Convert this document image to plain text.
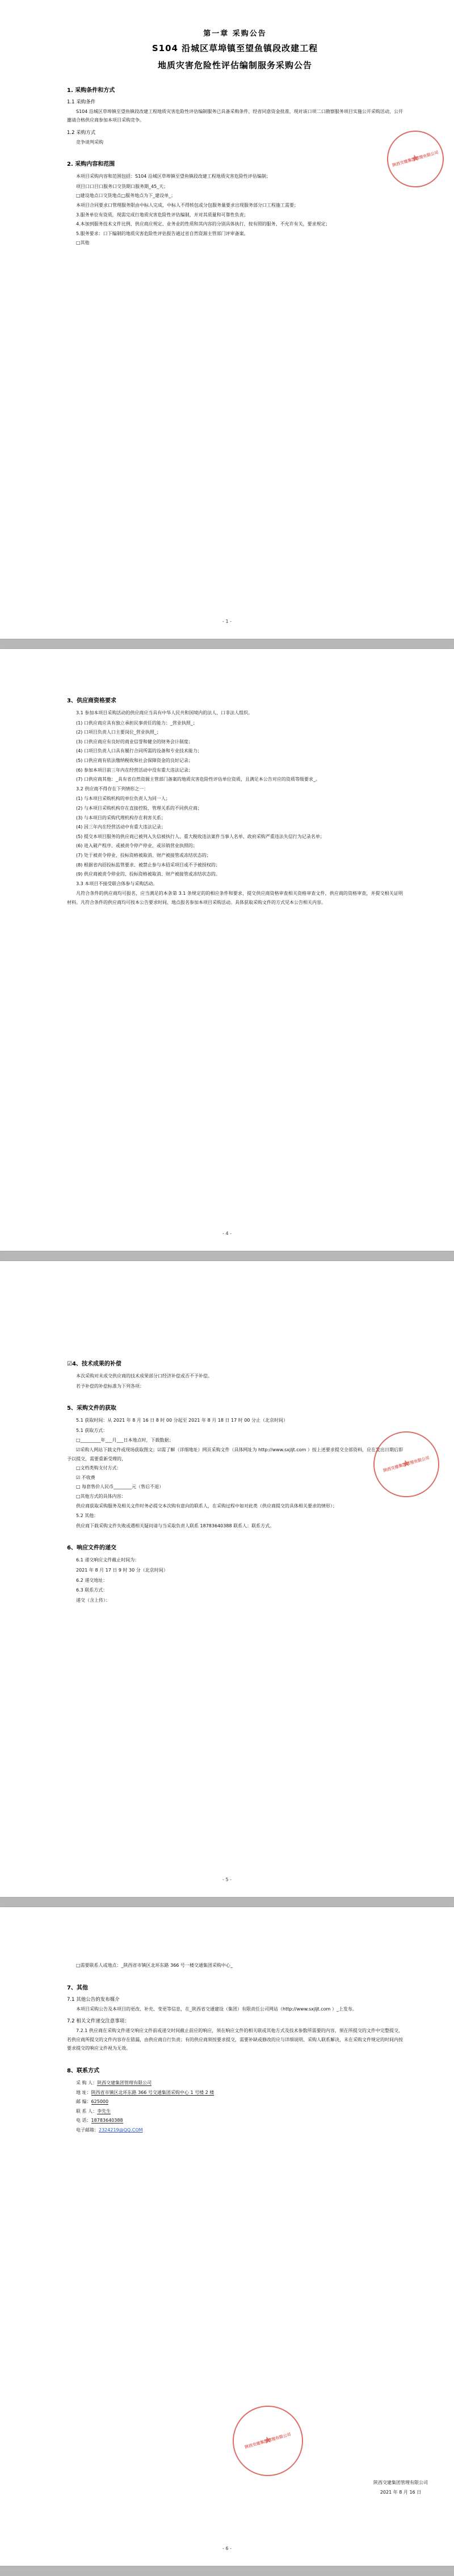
第一章 采购公告
S104 沿城区草埠镇至望鱼镇段改建工程
地质灾害危险性评估编制服务采购公告
1. 采购条件和方式
1.1 采购条件

S104 沿城区草埠镇至望鱼镇段改建工程地质灾害危险性评估编制服务已具备采购条件，经省同意资金批准，现对该口项二口勘察服务项目实施公开采购活动，公开邀请合格供应商参加本项目采购竞争。

1.2 采购方式

竞争谈判采购

2. 采购内容和范围

本项目采购内容和范围包括：S104 沿城区草埠镇至望鱼镇段改建工程地质灾害危险性评估编制；

项目口口目口服务口交货期口服务期_45_天；

□建设地点口交货地点□服务地点为下_建设单_；

本项目合同要求口管理服务限由中标人完成，中标人不得转包或分包服务量要求出现服务部分口工程施工需要；

3.服务单位有资质，现需完成行地质灾害危险性评估编制，并对其质量和可靠性负责；

4.本加到服务技术文件比例、供应商应规定、业务业的性质和其内容的分别具体执行，按有照的服务、不允许有关，要求规定；

5.服务要求：口下编制的地质灾害危险性评估报告通过省自然资源主管部门评审备案。

□其他

陕西交建集团管理有限公司
★
- 1 -
3、供应商资格要求

3.1 参加本项目采购活动的供应商应当具有中华人民共和国境内的法人、口非法人组织。

(1) 口供应商应具有独立承担民事责任的能力：_营业执照_；

(2) 口项目负责人口主要岗位_营业执照_；

(3) 口供应商应有良好的商业信誉和健全的财务会计制度；

(4) 口项目负责人口具有履行合同所需的设备和专业技术能力；

(5) 口供应商有依法缴纳税收和社会保障资金的良好记录；

(6) 参加本项目前三年内在经营活动中没有重大违法记录；

(7) 口供应商其他：_具有省自然资源主管部门备案的地质灾害危险性评估单位资质，且满足本公告对应的资质等级要求_。

3.2 供应商不得存在下列情形之一：

(1) 与本项目采购机构的单位负责人为同一人；

(2) 与本项目采购机构存在直接控股、管理关系的不同供应商；

(3) 与本项目的采购代理机构存在利害关系；

(4) 因三年内在经营活动中有重大违法记录；

(5) 提交本项目服务的供应商已被列入失信被执行人、重大税收违法案件当事人名单、政府采购严重违法失信行为记录名单；

(6) 进入破产程序、或被责令停产停业、或吊销营业执照的；

(7) 处于被责令停业、投标资格被取消、财产被接管或冻结状态的；

(8) 根据省内招投标监管要求、被禁止参与本招采项目或不予被授权的；

(9) 供应商被责令停业的、投标资格被取消、财产被接管或冻结状态的。

3.3 本项目不接受联合体参与采购活动。

凡符合条件的供应商均可报名，应当满足的本条第 3.1 条规定的的相应条件和要求，提交供应商资格审查相关资格审查文件，供应商的资格审查，并提交相关证明材料。凡符合条件的供应商均可按本公告要求时间、地点报名参加本项目采购活动。具体获取采购文件的方式见本公告相关内容。

- 4 -
☑4、技术成果的补偿

本次采购对未成交供应商的技术成果部分口经济补偿或否不予补偿。

若予补偿的补偿标准为下列各项：

5、采购文件的获取

5.1 获取时间：从 2021 年 8 月 16 日 8 时 00 分起至 2021 年 8 月 18 日 17 时 00 分止（北京时间）

5.1 获取方式：

□_________年___月___日本地点时，下载数据；

☑采购人网站下载文件或现场获取图文；☑需了解（详细地址）网页采购文件（具体网址为 http://www.sxjljt.com ）按上述要求提交全部资料，应在发出日期后即予以提交，需要重新受理的，

□文档类购支付方式：

☑ 不收费

□ 每套售价人民币________元（售后不退）

□其他方式的具体内容：

供应商获取采购服务及相关文件时务必提交本次购有意向的联系人，在采购过程中如对此类（供应商提交的具体相关要求的情形）；

5.2 其他：

供应商下载采购文件失败或遇相关疑问请与当采取负责人联系 18783640388 联系人：联系方式。

6、响应文件的递交

6.1 递交响应文件截止时间为：

2021 年 8 月 17 日 9 时 30 分（北京时间）

6.2 递交地址：

6.3 联系方式：

递交（含上传）：

陕西交建集团管理有限公司
★
- 5 -

□需要联系人或地点：_陕西省市镇区北环东路 366 号一楼交通集团采购中心_

7、其他
7.1 其他公告的发布媒介

本项目采购公告及本项目的更改、补充、变更等信息，在_陕西省交通建设（集团）有限责任公司网站（http://www.sxjljt.com ）_上发布。

7.2 相关文件递交注意事项：

7.2.1 供应商在采购文件递交响应文件前或递交时间截止前应的响应，须在响应文件的相关联或其他方式及技术参数所需要的内容，须在所提交的文件中完整提交，若供应商所提交的文件内容存在错漏，由供应商自行负责；有的供应商须按要求提交，需要补缺或修改的应与详细说明、采购人联系解决，未在采购文件规定的时间内按要求提交的响应文件视为无效。

8、联系方式

采 购 人：陕西交建集团管理有限公司

地 址：陕西省市镇区北环东路 366 号交通集团采购中心 1 号楼 2 楼

邮 编：625000

联 系 人：李先生

电 话：18783640388

电子邮箱：2324219@QQ.COM

陕西交建集团管理有限公司
2021 年 8 月 16 日
陕西交建集团管理有限公司
★
- 6 -
